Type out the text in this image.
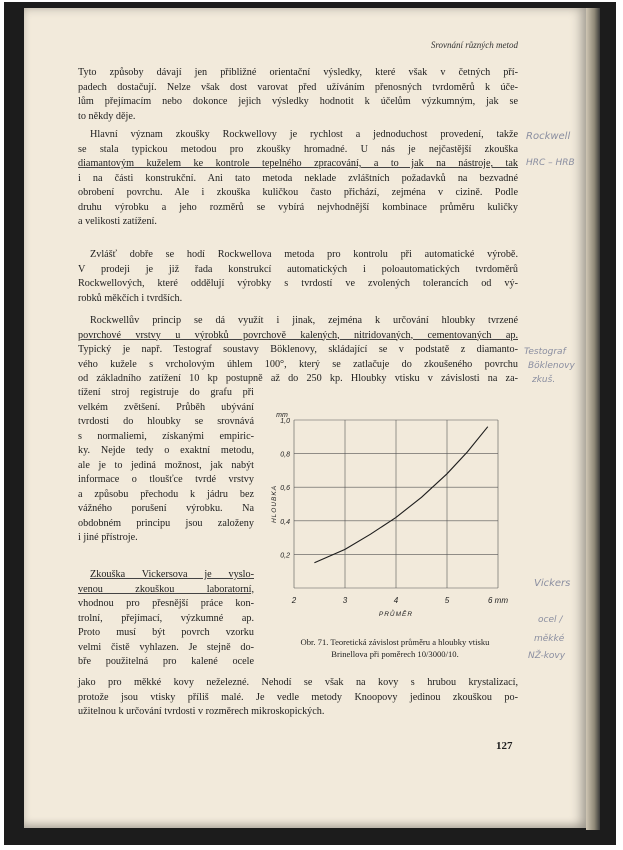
Srovnání různých metod
Tyto způsoby dávají jen přibližné orientační výsledky, které však v četných pří-
padech dostačují. Nelze však dost varovat před užíváním přenosných tvrdoměrů k úče-
lům přejímacím nebo dokonce jejich výsledky hodnotit k účelům výzkumným, jak se
to někdy děje.
Hlavní význam zkoušky Rockwellovy je rychlost a jednoduchost provedení, takže
se stala typickou metodou pro zkoušky hromadné. U nás je nejčastější zkouška
diamantovým kuželem ke kontrole tepelného zpracování, a to jak na nástroje, tak
i na části konstrukční. Ani tato metoda neklade zvláštních požadavků na bezvadné
obrobení povrchu. Ale i zkouška kuličkou často přichází, zejména v cizině. Podle
druhu výrobku a jeho rozměrů se vybírá nejvhodnější kombinace průměru kuličky
a velikosti zatížení.
Zvlášť dobře se hodí Rockwellova metoda pro kontrolu při automatické výrobě.
V prodeji je již řada konstrukcí automatických i poloautomatických tvrdoměrů
Rockwellových, které oddělují výrobky s tvrdostí ve zvolených tolerancích od vý-
robků měkčích i tvrdších.
Rockwellův princip se dá využít i jinak, zejména k určování hloubky tvrzené
povrchové vrstvy u výrobků povrchově kalených, nitridovaných, cementovaných ap.
Typický je např. Testograf soustavy Böklenovy, skládající se v podstatě z diamanto-
vého kužele s vrcholovým úhlem 100°, který se zatlačuje do zkoušeného povrchu
od základního zatížení 10 kp postupně až do 250 kp. Hloubky vtisku v závislosti na za-
tížení stroj registruje do grafu při
velkém zvětšení. Průběh ubývání
tvrdosti do hloubky se srovnává
s normaliemi, získanými empiric-
ky. Nejde tedy o exaktní metodu,
ale je to jediná možnost, jak nabýt
informace o tloušťce tvrdé vrstvy
a způsobu přechodu k jádru bez
vážného porušení výrobku. Na
obdobném principu jsou založeny
i jiné přístroje.
Zkouška Vickersova je vyslo-
venou zkouškou laboratorní,
vhodnou pro přesnější práce kon-
trolní, přejímací, výzkumné ap.
Proto musí být povrch vzorku
velmi čistě vyhlazen. Je stejně do-
bře použitelná pro kalené ocele
jako pro měkké kovy neželezné. Nehodí se však na kovy s hrubou krystalizací,
protože jsou vtisky příliš malé. Je vedle metody Knoopovy jedinou zkouškou po-
užitelnou k určování tvrdosti v rozměrech mikroskopických.
2	3	4	5	6 mm
0,2
0,4
0,6
0,8
1,0
mm
PRŮMĚR
HLOUBKA
Obr. 71. Teoretická závislost průměru a hloubky vtisku
Brinellova při poměrech 10/3000/10.
127
Rockwell
HRC – HRB
Testograf
Böklenovy
zkuš.
Vickers
ocel /
měkké
NŽ-kovy
